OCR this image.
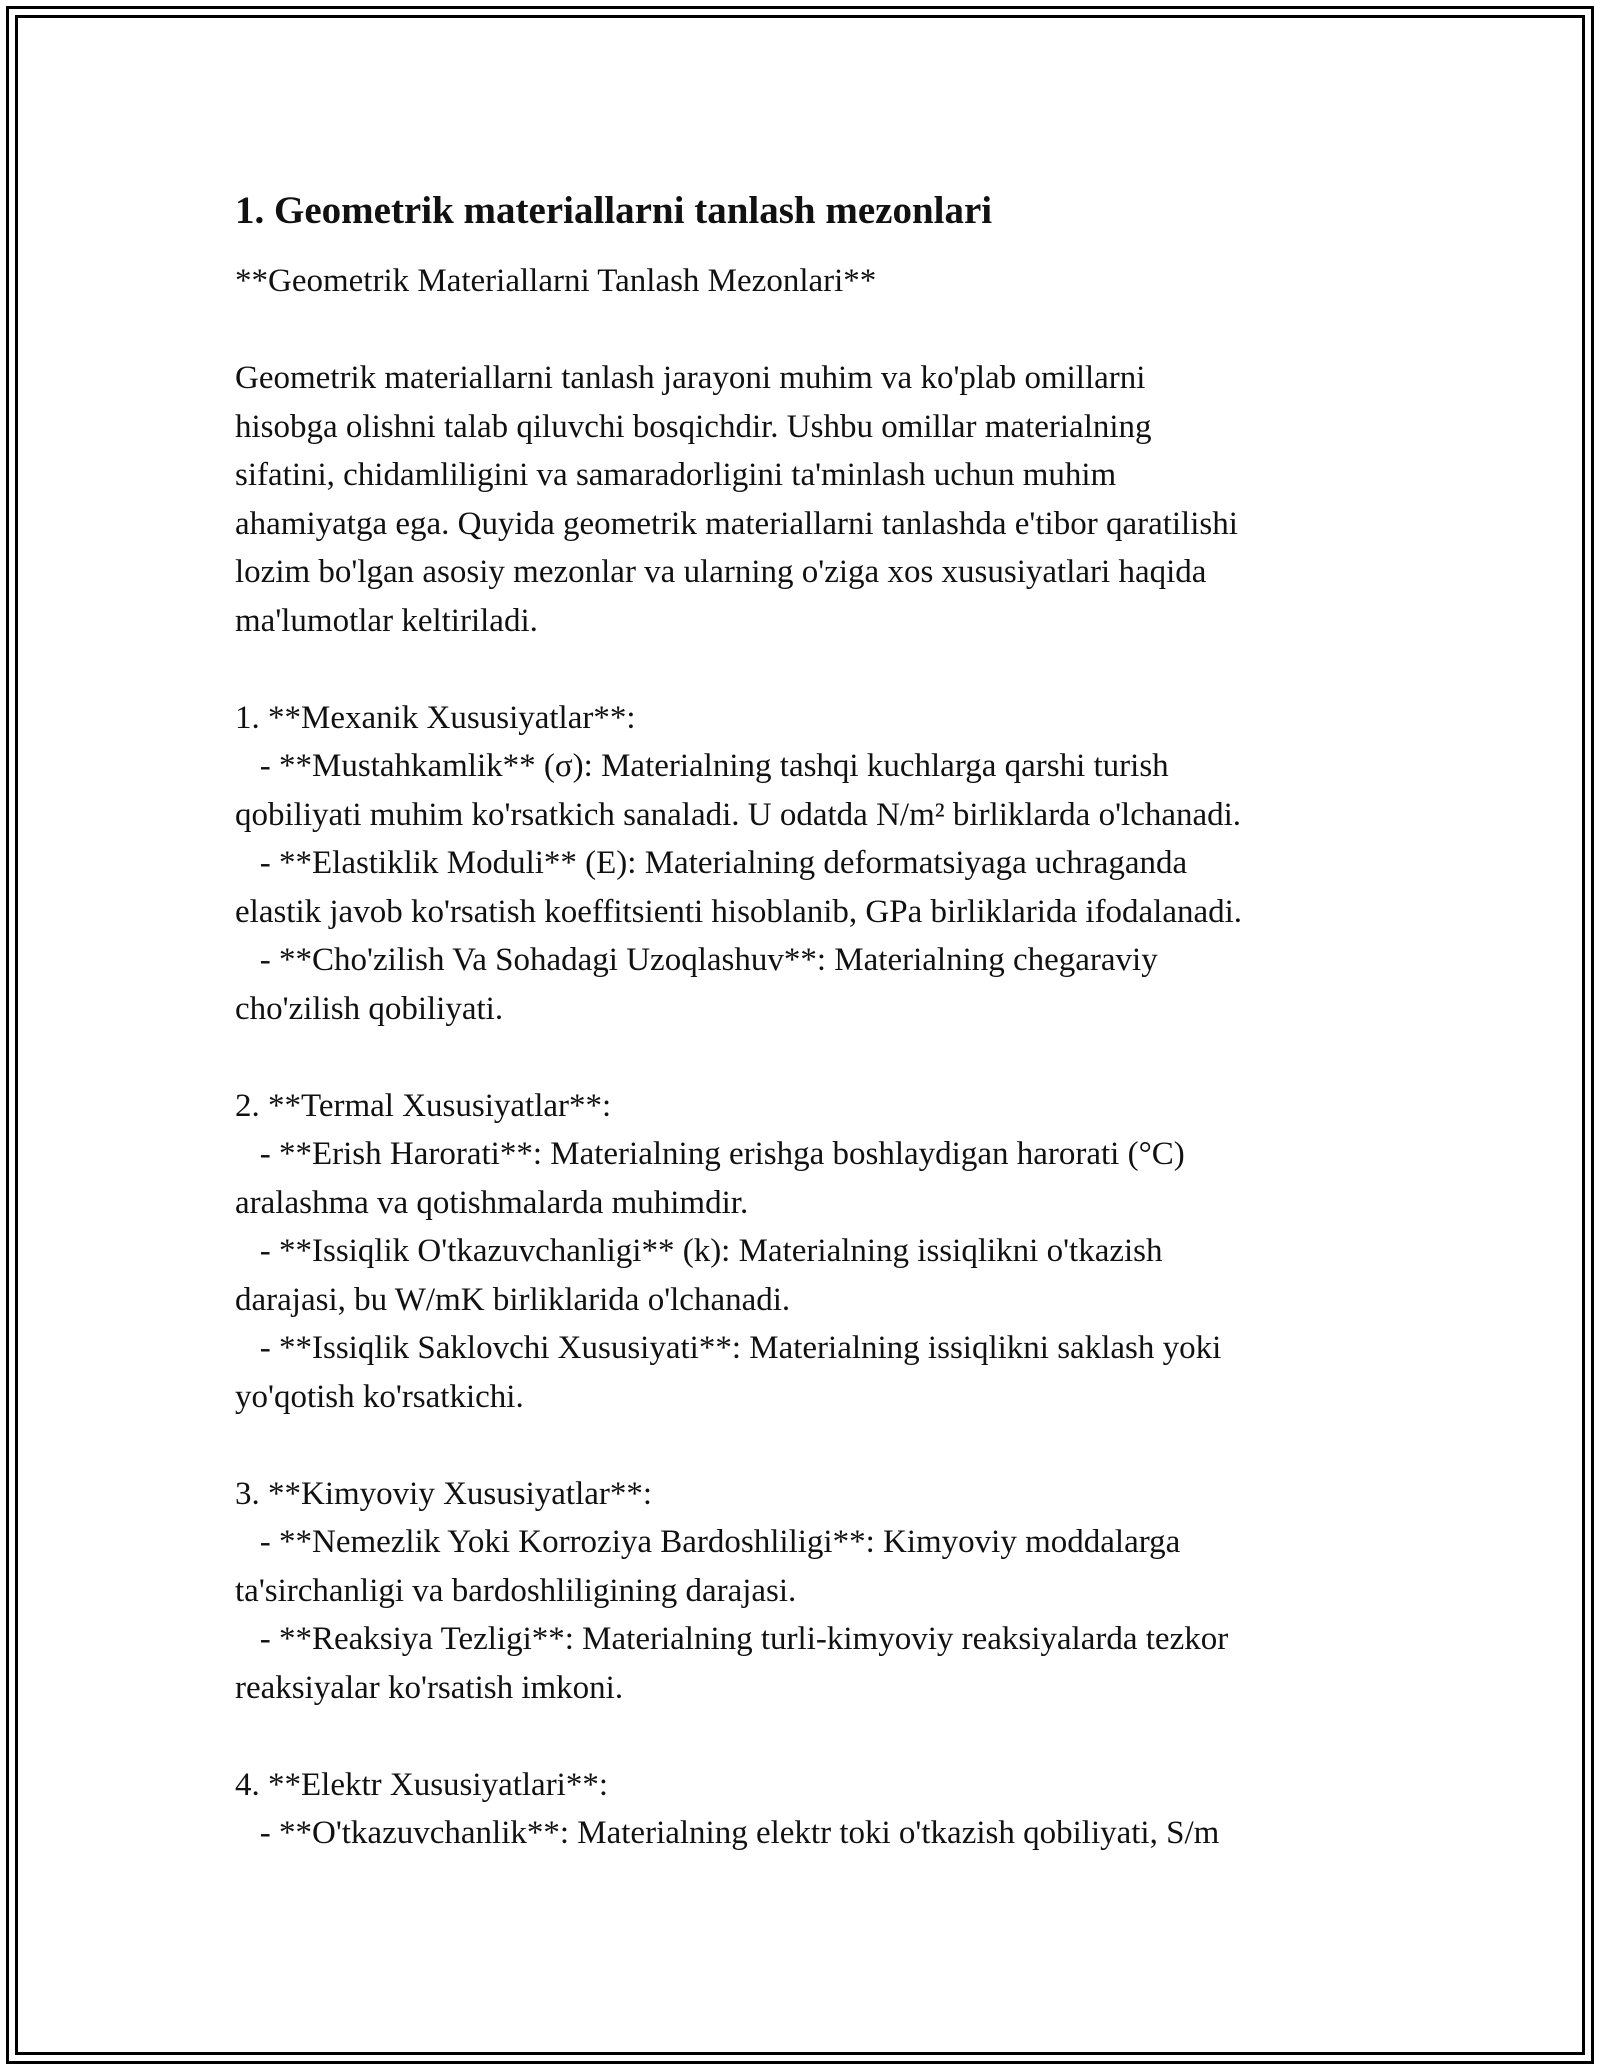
1. Geometrik materiallarni tanlash mezonlari
**Geometrik Materiallarni Tanlash Mezonlari**
Geometrik materiallarni tanlash jarayoni muhim va ko'plab omillarni
hisobga olishni talab qiluvchi bosqichdir. Ushbu omillar materialning
sifatini, chidamliligini va samaradorligini ta'minlash uchun muhim
ahamiyatga ega. Quyida geometrik materiallarni tanlashda e'tibor qaratilishi
lozim bo'lgan asosiy mezonlar va ularning o'ziga xos xususiyatlari haqida
ma'lumotlar keltiriladi.
1. **Mexanik Xususiyatlar**:
- **Mustahkamlik** (σ): Materialning tashqi kuchlarga qarshi turish
qobiliyati muhim ko'rsatkich sanaladi. U odatda N/m² birliklarda o'lchanadi.
- **Elastiklik Moduli** (E): Materialning deformatsiyaga uchraganda
elastik javob ko'rsatish koeffitsienti hisoblanib, GPa birliklarida ifodalanadi.
- **Cho'zilish Va Sohadagi Uzoqlashuv**: Materialning chegaraviy
cho'zilish qobiliyati.
2. **Termal Xususiyatlar**:
- **Erish Harorati**: Materialning erishga boshlaydigan harorati (°C)
aralashma va qotishmalarda muhimdir.
- **Issiqlik O'tkazuvchanligi** (k): Materialning issiqlikni o'tkazish
darajasi, bu W/mK birliklarida o'lchanadi.
- **Issiqlik Saklovchi Xususiyati**: Materialning issiqlikni saklash yoki
yo'qotish ko'rsatkichi.
3. **Kimyoviy Xususiyatlar**:
- **Nemezlik Yoki Korroziya Bardoshliligi**: Kimyoviy moddalarga
ta'sirchanligi va bardoshliligining darajasi.
- **Reaksiya Tezligi**: Materialning turli-kimyoviy reaksiyalarda tezkor
reaksiyalar ko'rsatish imkoni.
4. **Elektr Xususiyatlari**:
- **O'tkazuvchanlik**: Materialning elektr toki o'tkazish qobiliyati, S/m
